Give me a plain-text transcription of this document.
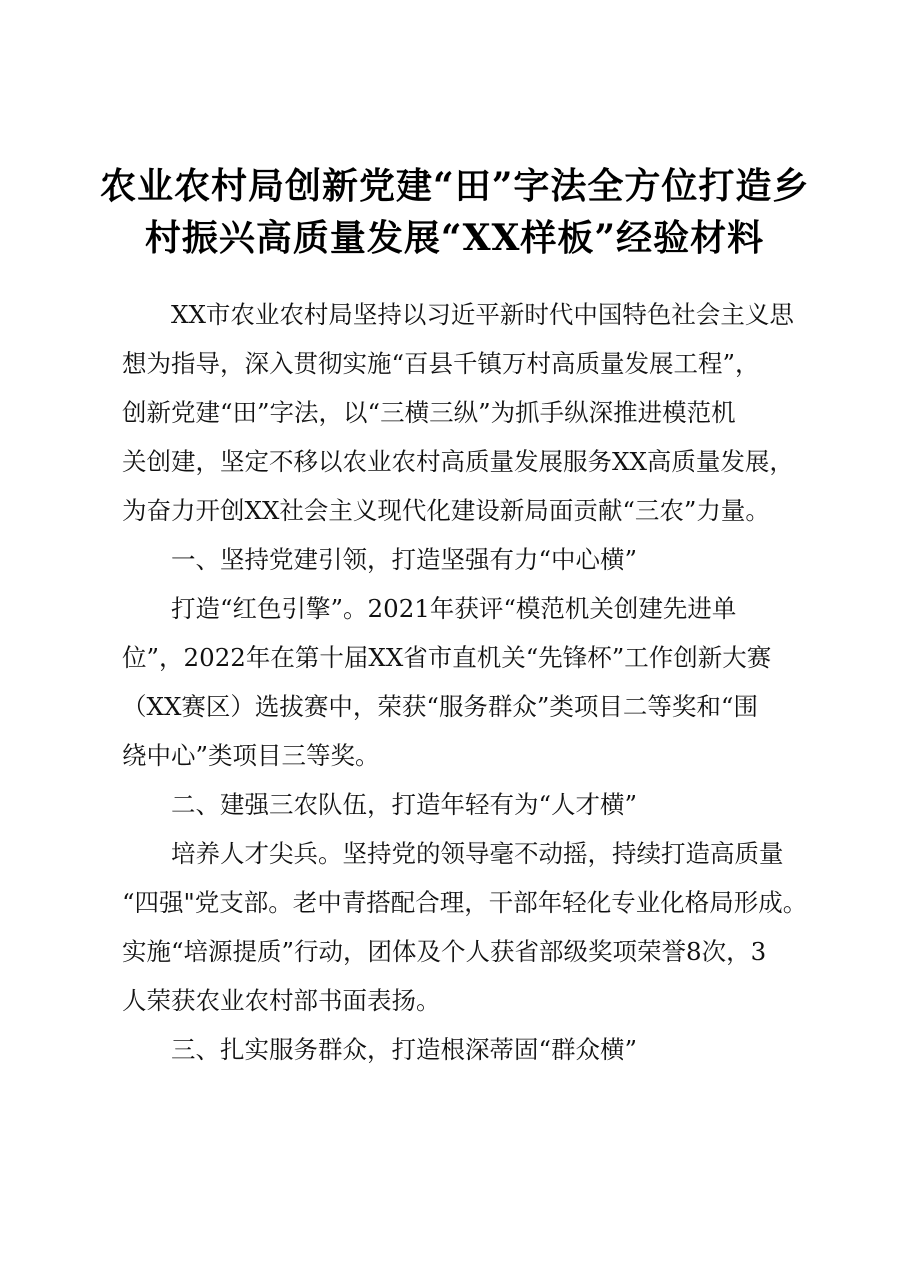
农业农村局创新党建“田”字法全方位打造乡
村振兴高质量发展“XX样板”经验材料
XX市农业农村局坚持以习近平新时代中国特色社会主义思
想为指导，深入贯彻实施“百县千镇万村高质量发展工程”，
创新党建“田”字法，以“三横三纵”为抓手纵深推进模范机
关创建，坚定不移以农业农村高质量发展服务XX高质量发展，
为奋力开创XX社会主义现代化建设新局面贡献“三农”力量。
一、坚持党建引领，打造坚强有力“中心横”
打造“红色引擎”。2021年获评“模范机关创建先进单
位”，2022年在第十届XX省市直机关“先锋杯”工作创新大赛
（XX赛区）选拔赛中，荣获“服务群众”类项目二等奖和“围
绕中心”类项目三等奖。
二、建强三农队伍，打造年轻有为“人才横”
培养人才尖兵。坚持党的领导毫不动摇，持续打造高质量
“四强"党支部。老中青搭配合理，干部年轻化专业化格局形成。
实施“培源提质”行动，团体及个人获省部级奖项荣誉8次，3
人荣获农业农村部书面表扬。
三、扎实服务群众，打造根深蒂固“群众横”
